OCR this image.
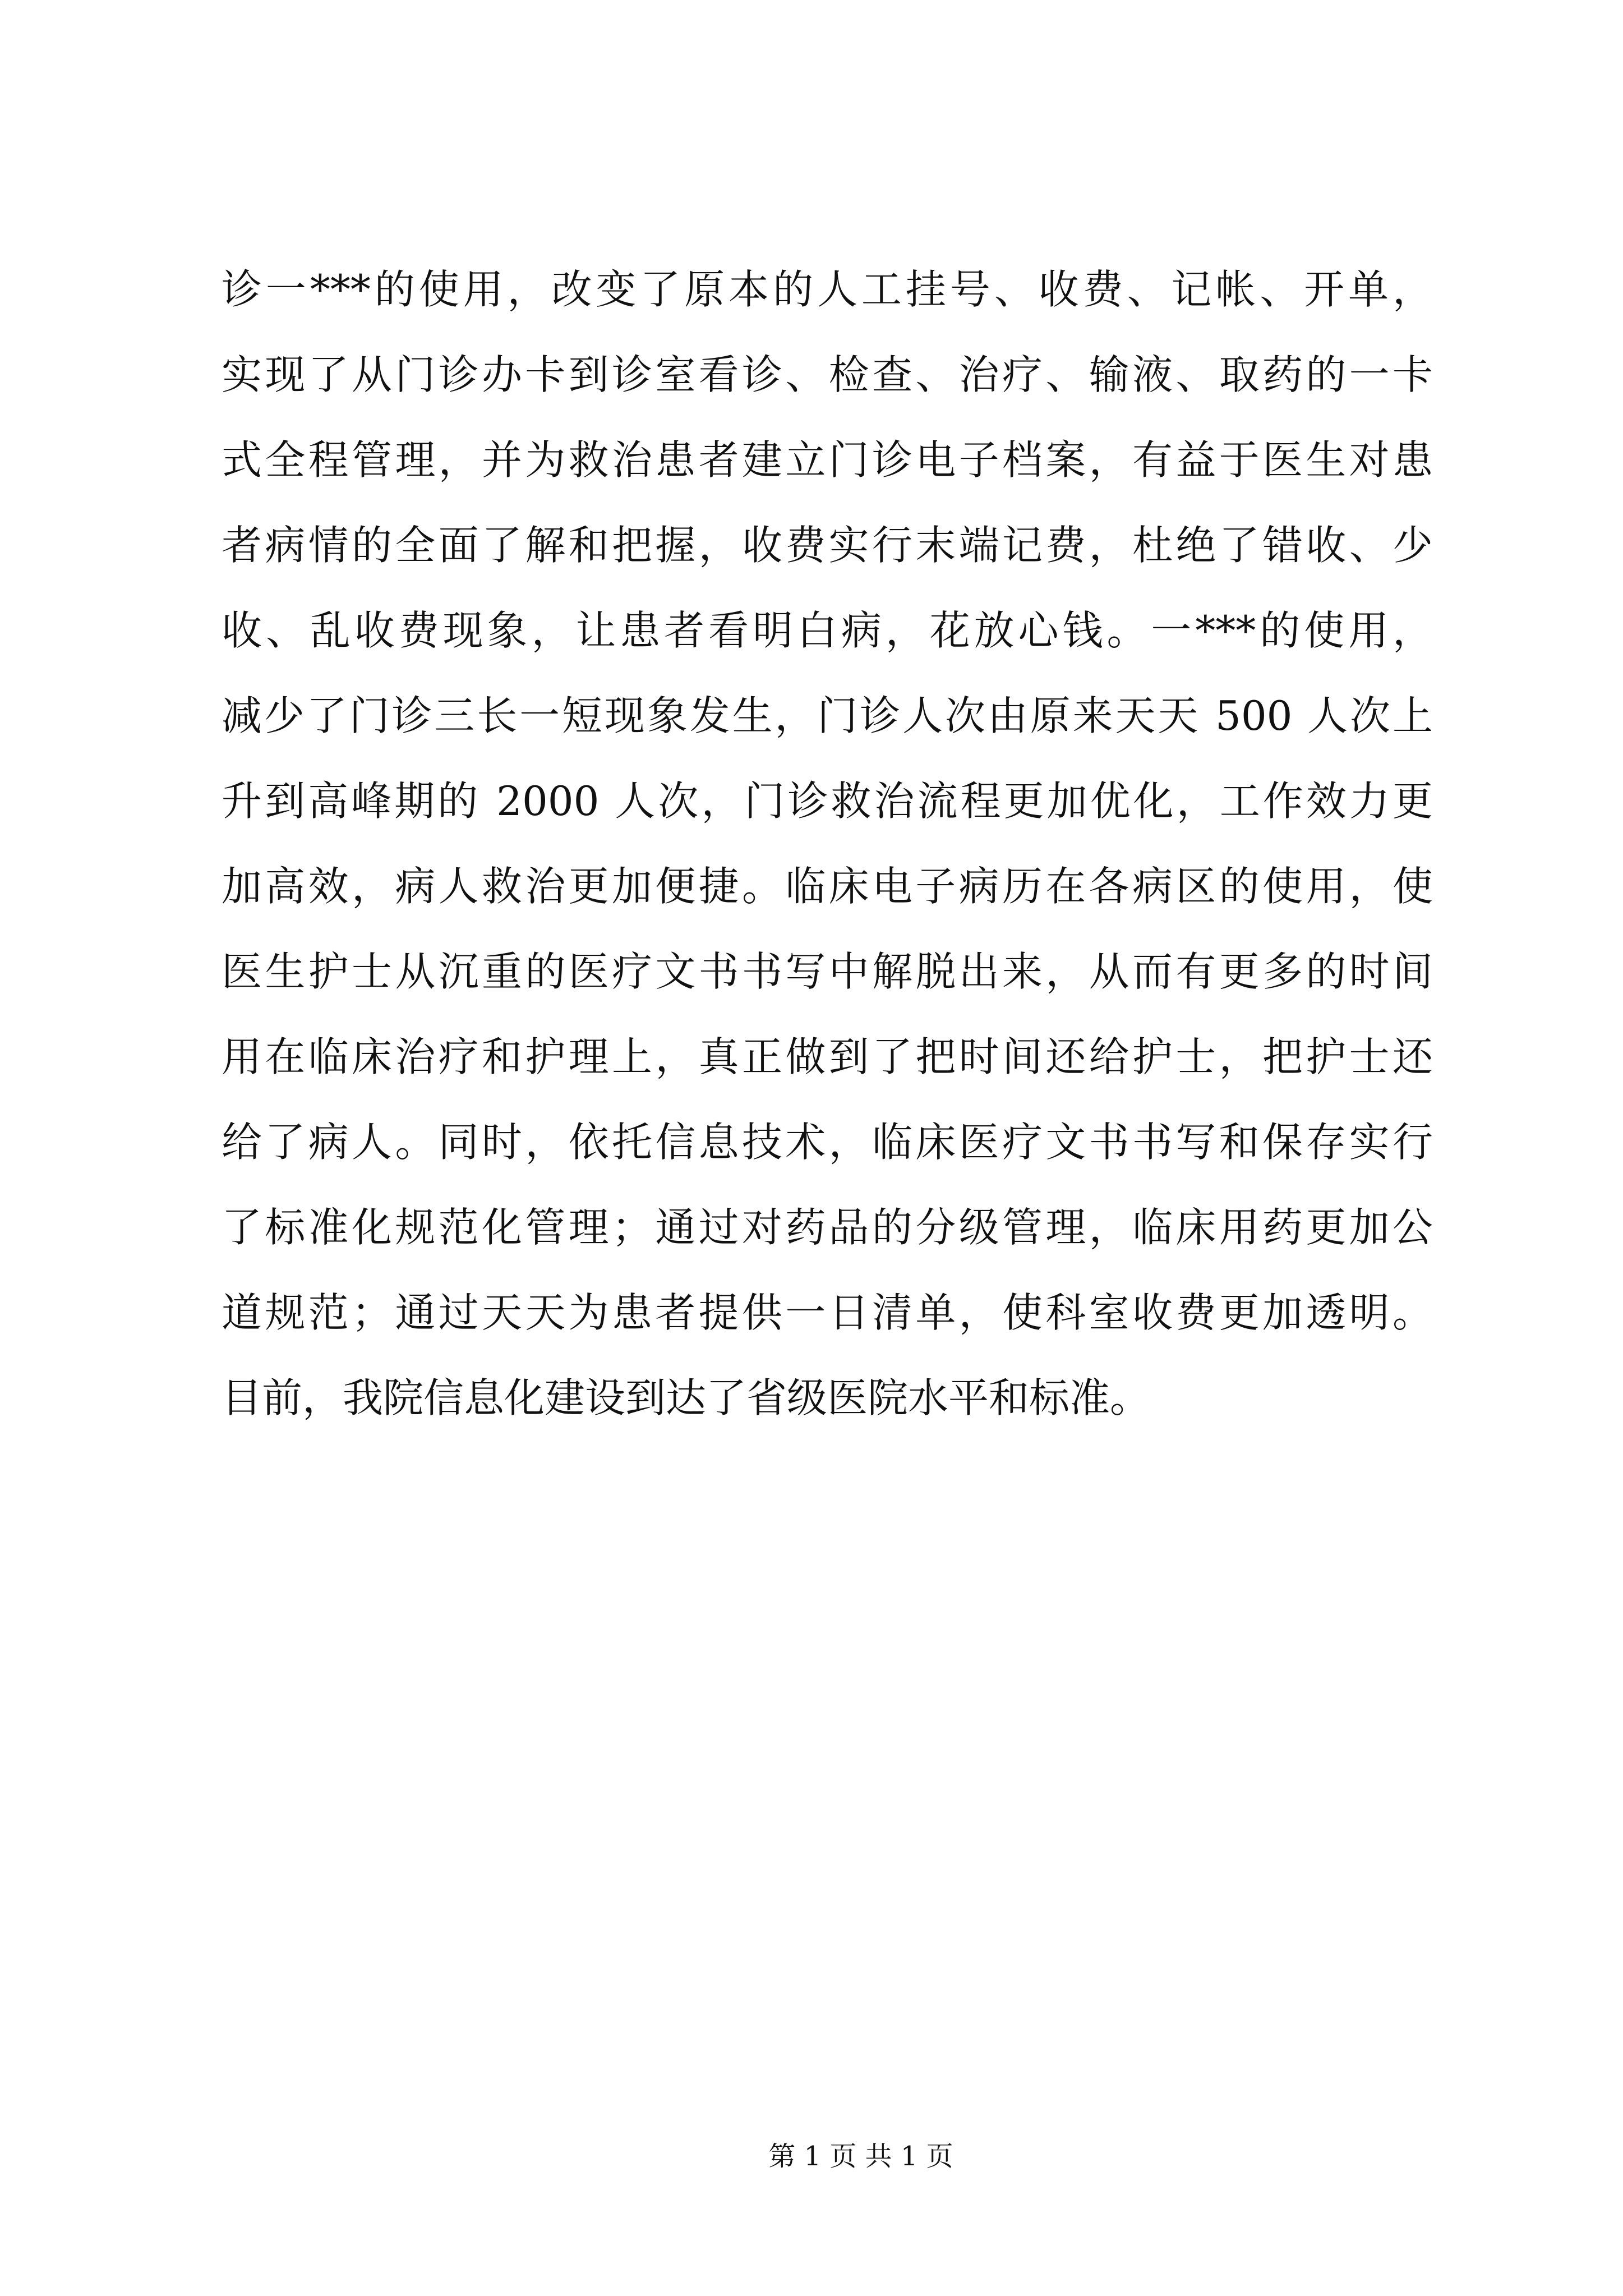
诊一***的使用，改变了原本的人工挂号、收费、记帐、开单，
实现了从门诊办卡到诊室看诊、检查、治疗、输液、取药的一卡
式全程管理，并为救治患者建立门诊电子档案，有益于医生对患
者病情的全面了解和把握，收费实行末端记费，杜绝了错收、少
收、乱收费现象，让患者看明白病，花放心钱。一***的使用，
减少了门诊三长一短现象发生，门诊人次由原来天天 500 人次上
升到高峰期的 2000 人次，门诊救治流程更加优化，工作效力更
加高效，病人救治更加便捷。临床电子病历在各病区的使用，使
医生护士从沉重的医疗文书书写中解脱出来，从而有更多的时间
用在临床治疗和护理上，真正做到了把时间还给护士，把护士还
给了病人。同时，依托信息技术，临床医疗文书书写和保存实行
了标准化规范化管理；通过对药品的分级管理，临床用药更加公
道规范；通过天天为患者提供一日清单，使科室收费更加透明。
目前，我院信息化建设到达了省级医院水平和标准。
第 1 页 共 1 页
